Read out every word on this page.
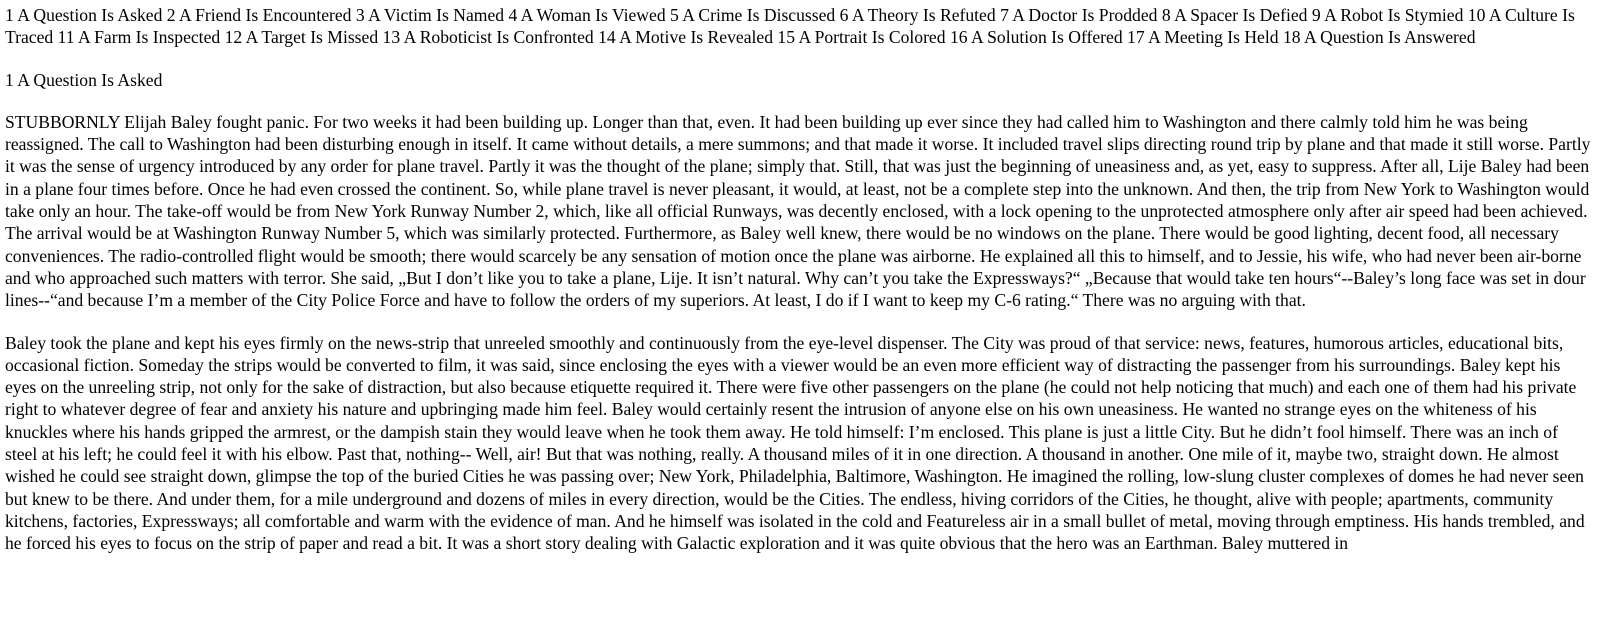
1 A Question Is Asked 2 A Friend Is Encountered 3 A Victim Is Named 4 A Woman Is Viewed 5 A Crime Is Discussed 6 A Theory Is Refuted 7 A Doctor Is Prodded 8 A Spacer Is Defied 9 A Robot Is Stymied 10 A Culture Is Traced 11 A Farm Is Inspected 12 A Target Is Missed 13 A Roboticist Is Confronted 14 A Motive Is Revealed 15 A Portrait Is Colored 16 A Solution Is Offered 17 A Meeting Is Held 18 A Question Is Answered
1 A Question Is Asked

STUBBORNLY Elijah Baley fought panic. For two weeks it had been building up. Longer than that, even. It had been building up ever since they had called him to Washington and there calmly told him he was being reassigned. The call to Washington had been disturbing enough in itself. It came without details, a mere summons; and that made it worse. It included travel slips directing round trip by plane and that made it still worse. Partly it was the sense of urgency introduced by any order for plane travel. Partly it was the thought of the plane; simply that. Still, that was just the beginning of uneasiness and, as yet, easy to suppress. After all, Lije Baley had been in a plane four times before. Once he had even crossed the continent. So, while plane travel is never pleasant, it would, at least, not be a complete step into the unknown. And then, the trip from New York to Washington would take only an hour. The take-off would be from New York Runway Number 2, which, like all official Runways, was decently enclosed, with a lock opening to the unprotected atmosphere only after air speed had been achieved. The arrival would be at Washington Runway Number 5, which was similarly protected. Furthermore, as Baley well knew, there would be no windows on the plane. There would be good lighting, decent food, all necessary conveniences. The radio-controlled flight would be smooth; there would scarcely be any sensation of motion once the plane was airborne. He explained all this to himself, and to Jessie, his wife, who had never been air-borne and who approached such matters with terror. She said, „But I don’t like you to take a plane, Lije. It isn’t natural. Why can’t you take the Expressways?“ „Because that would take ten hours“--Baley’s long face was set in dour lines--“and because I’m a member of the City Police Force and have to follow the orders of my superiors. At least, I do if I want to keep my C-6 rating.“ There was no arguing with that.

Baley took the plane and kept his eyes firmly on the news-strip that unreeled smoothly and continuously from the eye-level dispenser. The City was proud of that service: news, features, humorous articles, educational bits, occasional fiction. Someday the strips would be converted to film, it was said, since enclosing the eyes with a viewer would be an even more efficient way of distracting the passenger from his surroundings. Baley kept his eyes on the unreeling strip, not only for the sake of distraction, but also because etiquette required it. There were five other passengers on the plane (he could not help noticing that much) and each one of them had his private right to whatever degree of fear and anxiety his nature and upbringing made him feel. Baley would certainly resent the intrusion of anyone else on his own uneasiness. He wanted no strange eyes on the whiteness of his knuckles where his hands gripped the armrest, or the dampish stain they would leave when he took them away. He told himself: I’m enclosed. This plane is just a little City. But he didn’t fool himself. There was an inch of steel at his left; he could feel it with his elbow. Past that, nothing-- Well, air! But that was nothing, really. A thousand miles of it in one direction. A thousand in another. One mile of it, maybe two, straight down. He almost wished he could see straight down, glimpse the top of the buried Cities he was passing over; New York, Philadelphia, Baltimore, Washington. He imagined the rolling, low-slung cluster complexes of domes he had never seen but knew to be there. And under them, for a mile underground and dozens of miles in every direction, would be the Cities. The endless, hiving corridors of the Cities, he thought, alive with people; apartments, community kitchens, factories, Expressways; all comfortable and warm with the evidence of man. And he himself was isolated in the cold and Featureless air in a small bullet of metal, moving through emptiness. His hands trembled, and he forced his eyes to focus on the strip of paper and read a bit. It was a short story dealing with Galactic exploration and it was quite obvious that the hero was an Earthman. Baley muttered in
